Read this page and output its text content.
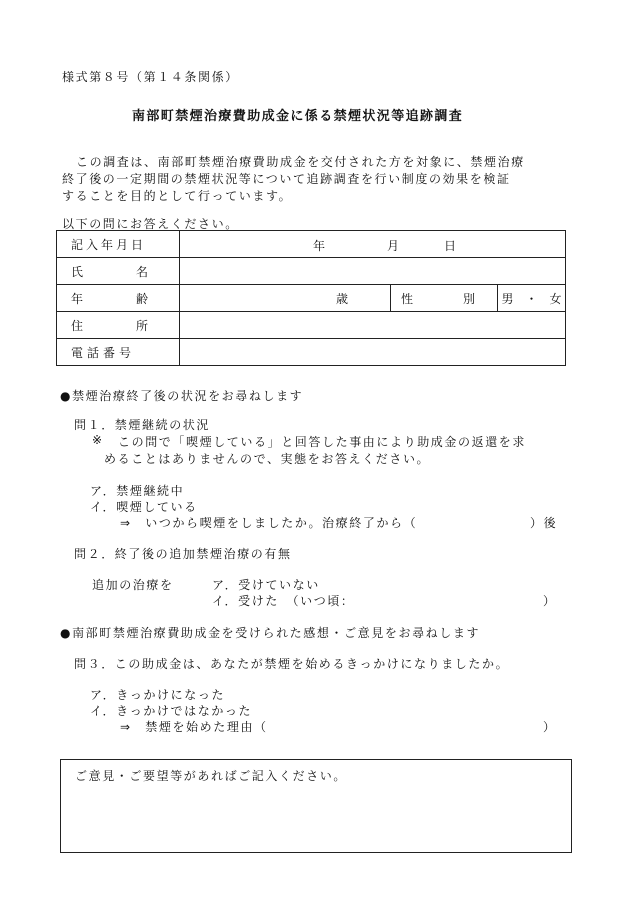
様式第８号（第１４条関係）
南部町禁煙治療費助成金に係る禁煙状況等追跡調査
この調査は、南部町禁煙治療費助成金を交付された方を対象に、禁煙治療
終了後の一定期間の禁煙状況等について追跡調査を行い制度の効果を検証
することを目的として行っています。
以下の問にお答えください。
記入年月日	年 月 日		

氏 名			

年 齢	歳	性 別	男　・　女

住 所			

電話番号			
●禁煙治療終了後の状況をお尋ねします
問１．禁煙継続の状況
※ この問で「喫煙している」と回答した事由により助成金の返還を求
めることはありませんので、実態をお答えください。
ア．禁煙継続中
イ．喫煙している
⇒　いつから喫煙をしましたか。治療終了から（	）後
問２．終了後の追加禁煙治療の有無
追加の治療を	ア．受けていない
イ．受けた　（いつ頃：	）
●南部町禁煙治療費助成金を受けられた感想・ご意見をお尋ねします
問３．この助成金は、あなたが禁煙を始めるきっかけになりましたか。
ア．きっかけになった
イ．きっかけではなかった
⇒　禁煙を始めた理由（	）
ご意見・ご要望等があればご記入ください。
